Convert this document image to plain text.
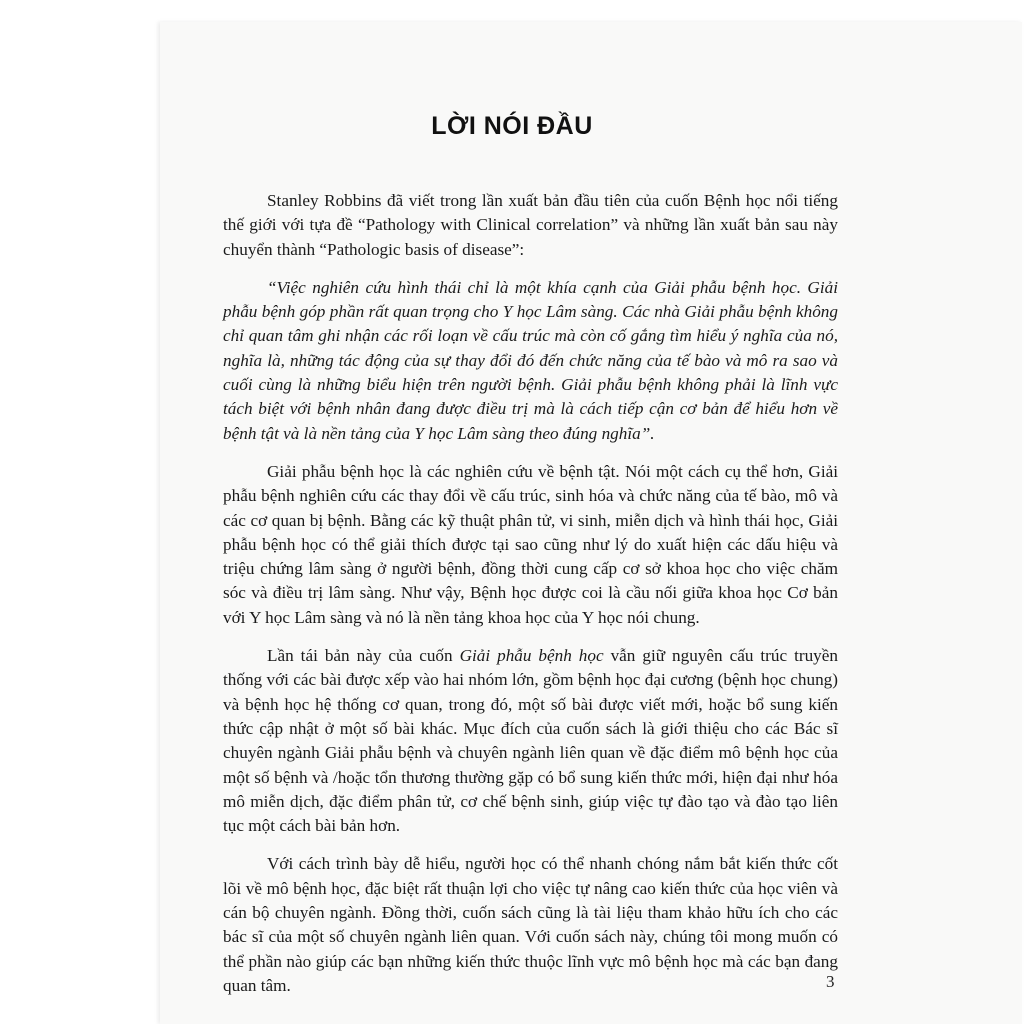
LỜI NÓI ĐẦU

Stanley Robbins đã viết trong lần xuất bản đầu tiên của cuốn Bệnh học nổi tiếng thế giới với tựa đề “Pathology with Clinical correlation” và những lần xuất bản sau này chuyển thành “Pathologic basis of disease”:

“Việc nghiên cứu hình thái chỉ là một khía cạnh của Giải phẫu bệnh học. Giải phẫu bệnh góp phần rất quan trọng cho Y học Lâm sàng. Các nhà Giải phẫu bệnh không chỉ quan tâm ghi nhận các rối loạn về cấu trúc mà còn cố gắng tìm hiểu ý nghĩa của nó, nghĩa là, những tác động của sự thay đổi đó đến chức năng của tế bào và mô ra sao và cuối cùng là những biểu hiện trên người bệnh. Giải phẫu bệnh không phải là lĩnh vực tách biệt với bệnh nhân đang được điều trị mà là cách tiếp cận cơ bản để hiểu hơn về bệnh tật và là nền tảng của Y học Lâm sàng theo đúng nghĩa”.

Giải phẫu bệnh học là các nghiên cứu về bệnh tật. Nói một cách cụ thể hơn, Giải phẫu bệnh nghiên cứu các thay đổi về cấu trúc, sinh hóa và chức năng của tế bào, mô và các cơ quan bị bệnh. Bằng các kỹ thuật phân tử, vi sinh, miễn dịch và hình thái học, Giải phẫu bệnh học có thể giải thích được tại sao cũng như lý do xuất hiện các dấu hiệu và triệu chứng lâm sàng ở người bệnh, đồng thời cung cấp cơ sở khoa học cho việc chăm sóc và điều trị lâm sàng. Như vậy, Bệnh học được coi là cầu nối giữa khoa học Cơ bản với Y học Lâm sàng và nó là nền tảng khoa học của Y học nói chung.

Lần tái bản này của cuốn Giải phẫu bệnh học vẫn giữ nguyên cấu trúc truyền thống với các bài được xếp vào hai nhóm lớn, gồm bệnh học đại cương (bệnh học chung) và bệnh học hệ thống cơ quan, trong đó, một số bài được viết mới, hoặc bổ sung kiến thức cập nhật ở một số bài khác. Mục đích của cuốn sách là giới thiệu cho các Bác sĩ chuyên ngành Giải phẫu bệnh và chuyên ngành liên quan về đặc điểm mô bệnh học của một số bệnh và /hoặc tổn thương thường gặp có bổ sung kiến thức mới, hiện đại như hóa mô miễn dịch, đặc điểm phân tử, cơ chế bệnh sinh, giúp việc tự đào tạo và đào tạo liên tục một cách bài bản hơn.

Với cách trình bày dễ hiểu, người học có thể nhanh chóng nắm bắt kiến thức cốt lõi về mô bệnh học, đặc biệt rất thuận lợi cho việc tự nâng cao kiến thức của học viên và cán bộ chuyên ngành. Đồng thời, cuốn sách cũng là tài liệu tham khảo hữu ích cho các bác sĩ của một số chuyên ngành liên quan. Với cuốn sách này, chúng tôi mong muốn có thể phần nào giúp các bạn những kiến thức thuộc lĩnh vực mô bệnh học mà các bạn đang quan tâm.	3
